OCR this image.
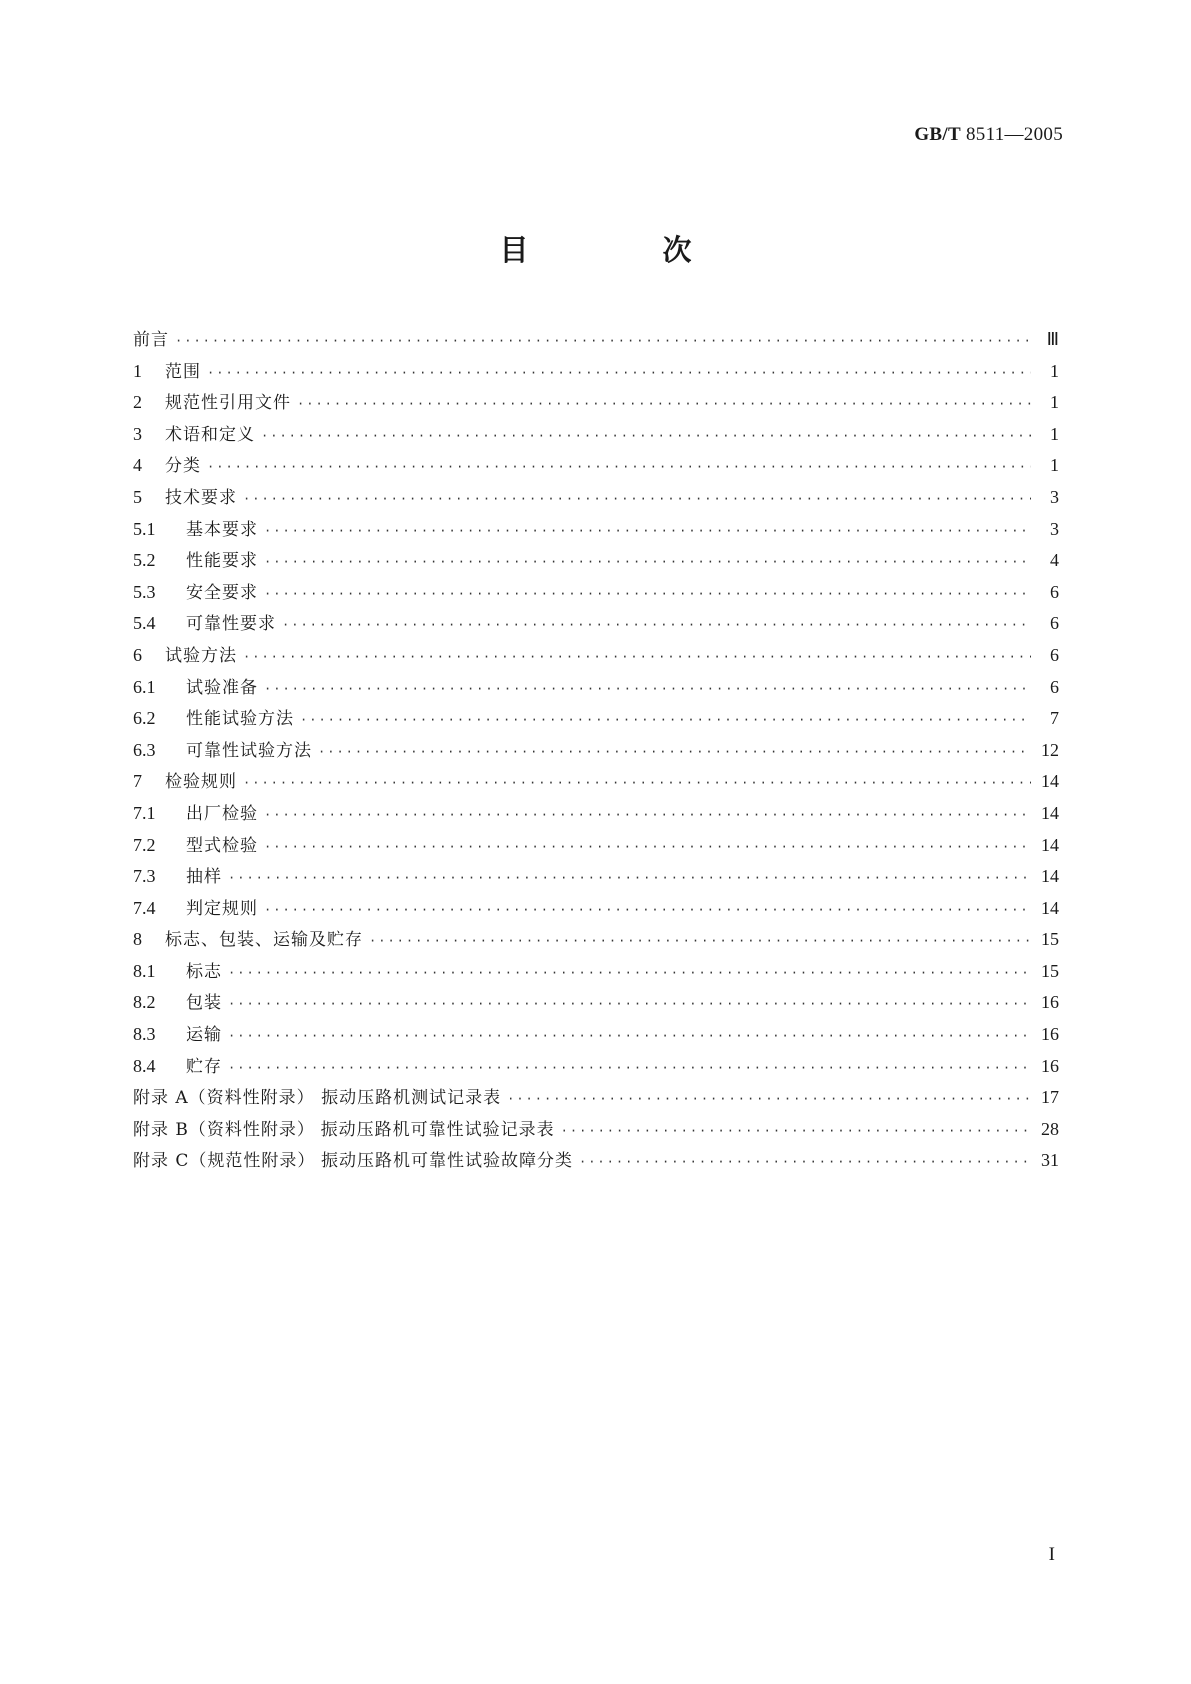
GB/T 8511—2005
目 次
前言 ·····	Ⅲ
1	范围 ·····	1
2	规范性引用文件 ·····	1
3	术语和定义 ·····	1
4	分类 ·····	1
5	技术要求 ·····	3
5.1	基本要求 ·····	3
5.2	性能要求 ·····	4
5.3	安全要求 ·····	6
5.4	可靠性要求 ·····	6
6	试验方法 ·····	6
6.1	试验准备 ·····	6
6.2	性能试验方法 ·····	7
6.3	可靠性试验方法 ·····	12
7	检验规则 ·····	14
7.1	出厂检验 ·····	14
7.2	型式检验 ·····	14
7.3	抽样 ·····	14
7.4	判定规则 ·····	14
8	标志、包装、运输及贮存 ·····	15
8.1	标志 ·····	15
8.2	包装 ·····	16
8.3	运输 ·····	16
8.4	贮存 ·····	16
附录 A（资料性附录） 振动压路机测试记录表 ·····	17
附录 B（资料性附录） 振动压路机可靠性试验记录表 ·····	28
附录 C（规范性附录） 振动压路机可靠性试验故障分类 ·····	31
I
